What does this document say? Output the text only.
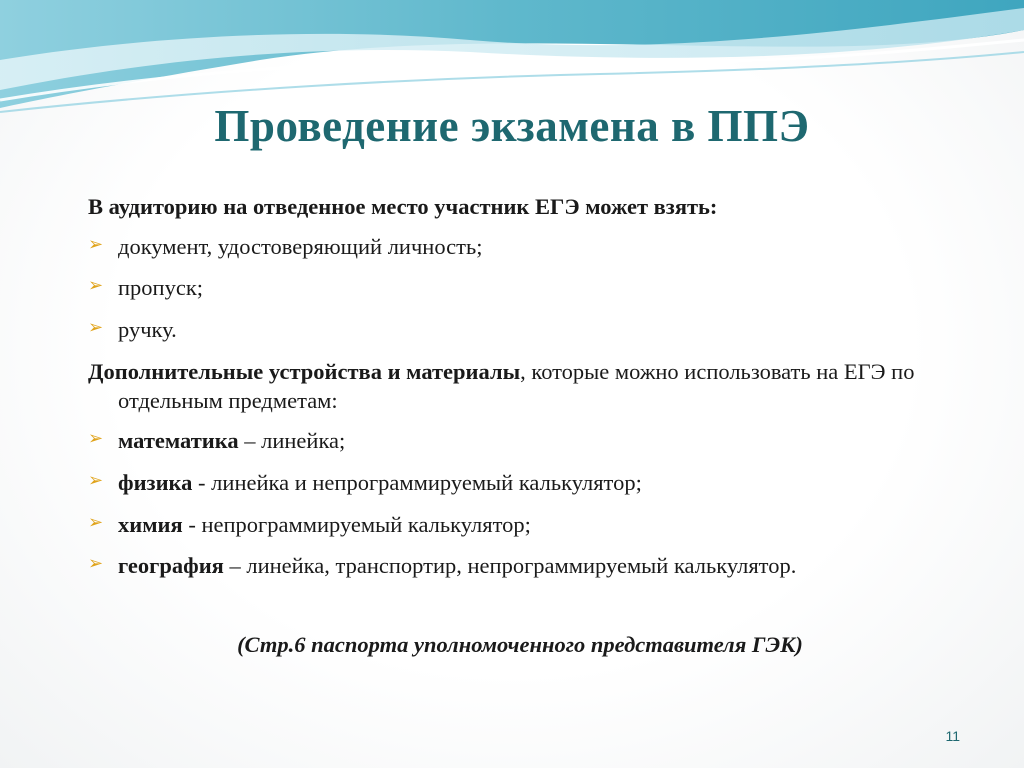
Проведение экзамена в ППЭ

В аудиторию на отведенное место участник ЕГЭ может взять:

➢ документ, удостоверяющий личность;
➢ пропуск;
➢ ручку.

Дополнительные устройства и материалы, которые можно использовать на ЕГЭ по отдельным предметам:

➢ математика – линейка;
➢ физика - линейка и непрограммируемый калькулятор;
➢ химия - непрограммируемый калькулятор;
➢ география – линейка, транспортир, непрограммируемый калькулятор.
(Стр.6 паспорта уполномоченного представителя ГЭК)
11
